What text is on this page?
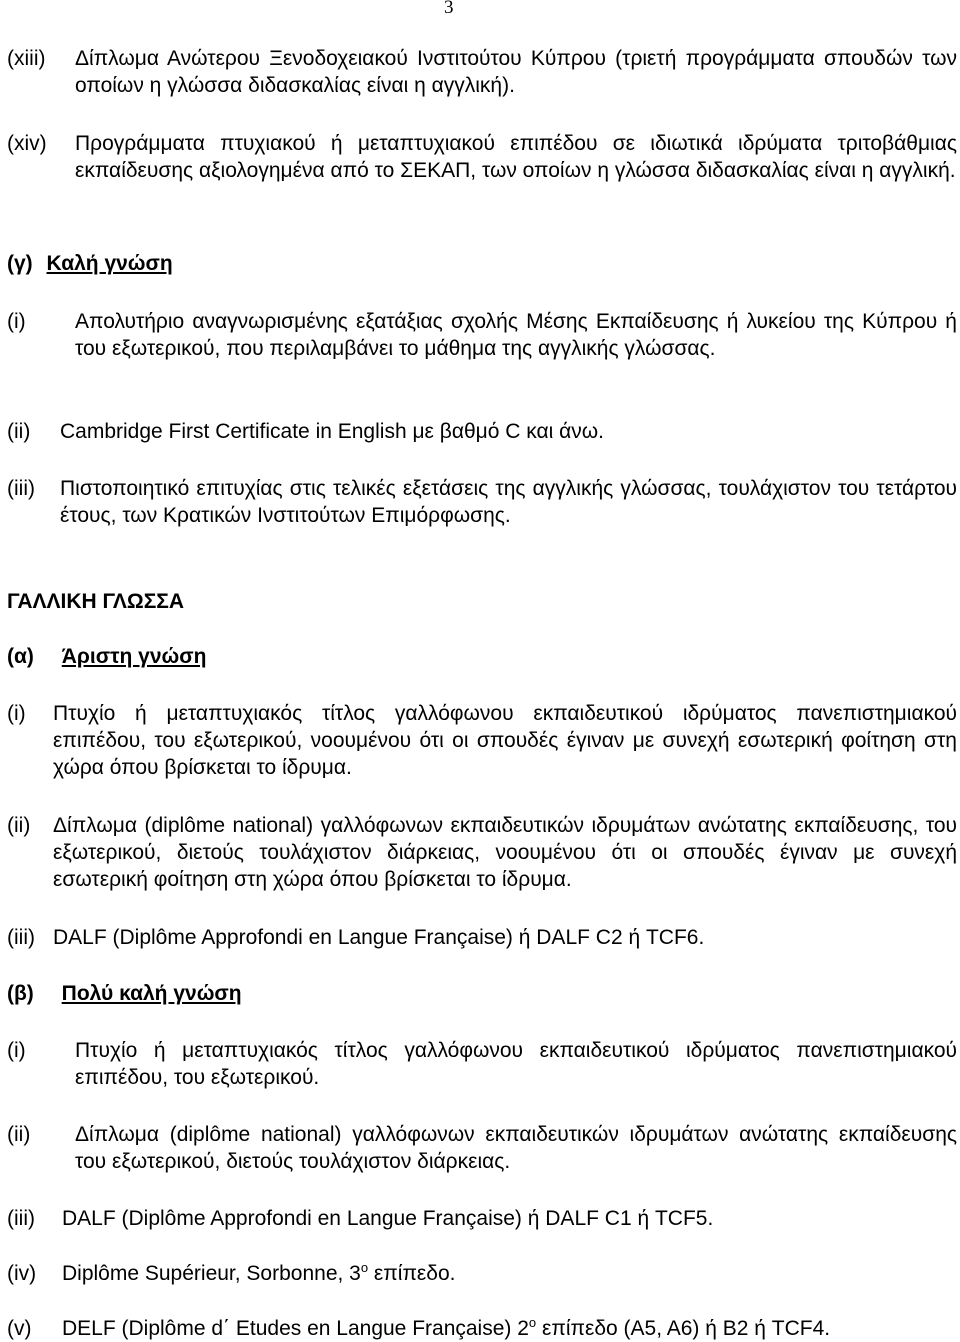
3
(xiii) Δίπλωμα Ανώτερου Ξενοδοχειακού Ινστιτούτου Κύπρου (τριετή προγράμματα σπουδών των οποίων η γλώσσα διδασκαλίας είναι η αγγλική).
(xiv) Προγράμματα πτυχιακού ή μεταπτυχιακού επιπέδου σε ιδιωτικά ιδρύματα τριτοβάθμιας εκπαίδευσης αξιολογημένα από το ΣΕΚΑΠ, των οποίων η γλώσσα διδασκαλίας είναι η αγγλική.
(γ) Καλή γνώση
(i) Απολυτήριο αναγνωρισμένης εξατάξιας σχολής Μέσης Εκπαίδευσης ή λυκείου της Κύπρου ή του εξωτερικού, που περιλαμβάνει το μάθημα της αγγλικής γλώσσας.
(ii) Cambridge First Certificate in English με βαθμό C και άνω.
(iii) Πιστοποιητικό επιτυχίας στις τελικές εξετάσεις της αγγλικής γλώσσας, τουλάχιστον του τετάρτου έτους, των Κρατικών Ινστιτούτων Επιμόρφωσης.
ΓΑΛΛΙΚΗ ΓΛΩΣΣΑ
(α) Άριστη γνώση
(i) Πτυχίο ή μεταπτυχιακός τίτλος γαλλόφωνου εκπαιδευτικού ιδρύματος πανεπιστημιακού επιπέδου, του εξωτερικού, νοουμένου ότι οι σπουδές έγιναν με συνεχή εσωτερική φοίτηση στη χώρα όπου βρίσκεται το ίδρυμα.
(ii) Δίπλωμα (diplôme national) γαλλόφωνων εκπαιδευτικών ιδρυμάτων ανώτατης εκπαίδευσης, του εξωτερικού, διετούς τουλάχιστον διάρκειας, νοουμένου ότι οι σπουδές έγιναν με συνεχή εσωτερική φοίτηση στη χώρα όπου βρίσκεται το ίδρυμα.
(iii) DALF (Diplôme Approfondi en Langue Française) ή DALF C2 ή TCF6.
(β) Πολύ καλή γνώση
(i) Πτυχίο ή μεταπτυχιακός τίτλος γαλλόφωνου εκπαιδευτικού ιδρύματος πανεπιστημιακού επιπέδου, του εξωτερικού.
(ii) Δίπλωμα (diplôme national) γαλλόφωνων εκπαιδευτικών ιδρυμάτων ανώτατης εκπαίδευσης του εξωτερικού, διετούς τουλάχιστον διάρκειας.
(iii) DALF (Diplôme Approfondi en Langue Française) ή DALF C1 ή TCF5.
(iv) Diplôme Supérieur, Sorbonne, $3^o$ επίπεδο.
(v) DELF (Diplôme d΄ Etudes en Langue Française) $2^o$ επίπεδο (A5, A6) ή B2 ή TCF4.
